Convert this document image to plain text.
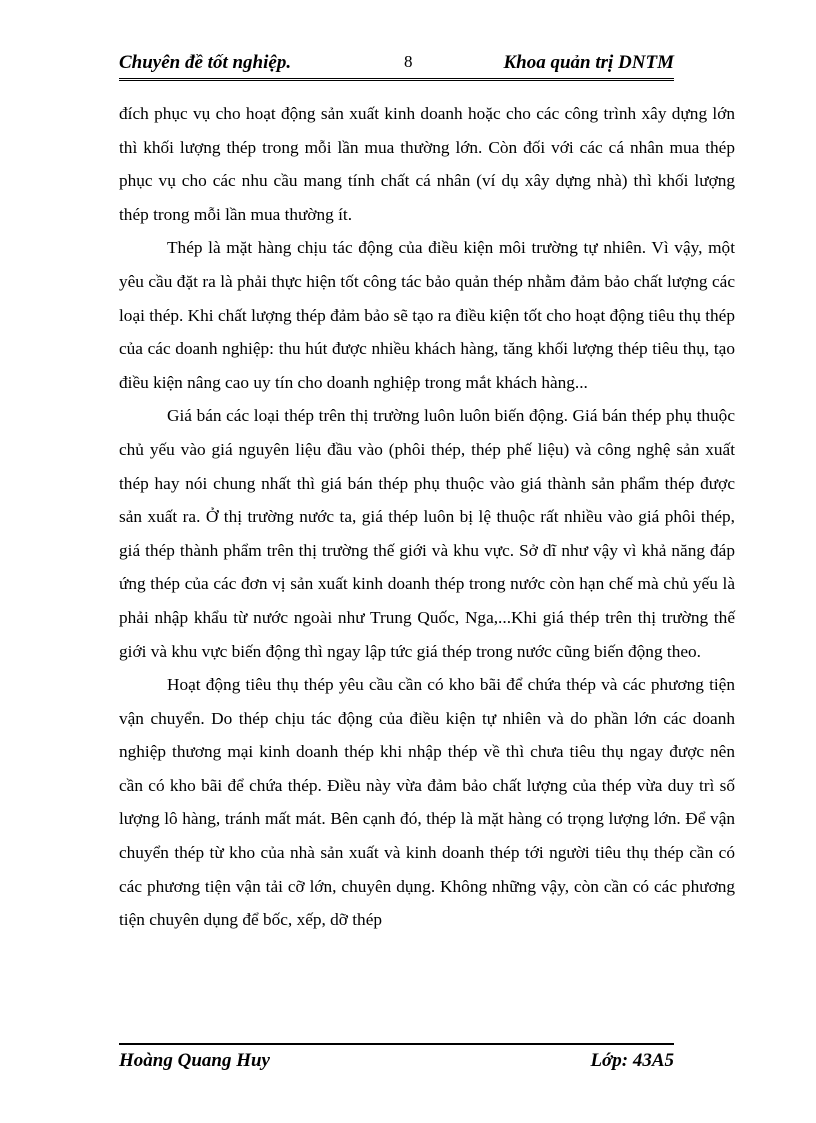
Chuyên đề tốt nghiệp.	8	Khoa quản trị DNTM

đích phục vụ cho hoạt động sản xuất kinh doanh hoặc cho các công trình xây dựng lớn thì khối lượng thép trong mỗi lần mua thường lớn. Còn đối với các cá nhân mua thép phục vụ cho các nhu cầu mang tính chất cá nhân (ví dụ xây dựng nhà) thì khối lượng thép trong mỗi lần mua thường ít.

Thép là mặt hàng chịu tác động của điều kiện môi trường tự nhiên. Vì vậy, một yêu cầu đặt ra là phải thực hiện tốt công tác bảo quản thép nhằm đảm bảo chất lượng các loại thép. Khi chất lượng thép đảm bảo sẽ tạo ra điều kiện tốt cho hoạt động tiêu thụ thép của các doanh nghiệp: thu hút được nhiều khách hàng, tăng khối lượng thép tiêu thụ, tạo điều kiện nâng cao uy tín cho doanh nghiệp trong mắt khách hàng...

Giá bán các loại thép trên thị trường luôn luôn biến động. Giá bán thép phụ thuộc chủ yếu vào giá nguyên liệu đầu vào (phôi thép, thép phế liệu) và công nghệ sản xuất thép hay nói chung nhất thì giá bán thép phụ thuộc vào giá thành sản phẩm thép được sản xuất ra. Ở thị trường nước ta, giá thép luôn bị lệ thuộc rất nhiều vào giá phôi thép, giá thép thành phẩm trên thị trường thế giới và khu vực. Sở dĩ như vậy vì khả năng đáp ứng thép của các đơn vị sản xuất kinh doanh thép trong nước còn hạn chế mà chủ yếu là phải nhập khẩu từ nước ngoài như Trung Quốc, Nga,...Khi giá thép trên thị trường thế giới và khu vực biến động thì ngay lập tức giá thép trong nước cũng biến động theo.

Hoạt động tiêu thụ thép yêu cầu cần có kho bãi để chứa thép và các phương tiện vận chuyển. Do thép chịu tác động của điều kiện tự nhiên và do phần lớn các doanh nghiệp thương mại kinh doanh thép khi nhập thép về thì chưa tiêu thụ ngay được nên cần có kho bãi để chứa thép. Điều này vừa đảm bảo chất lượng của thép vừa duy trì số lượng lô hàng, tránh mất mát. Bên cạnh đó, thép là mặt hàng có trọng lượng lớn. Để vận chuyển thép từ kho của nhà sản xuất và kinh doanh thép tới người tiêu thụ thép cần có các phương tiện vận tải cỡ lớn, chuyên dụng. Không những vậy, còn cần có các phương tiện chuyên dụng để bốc, xếp, dỡ thép

Hoàng Quang Huy	Lớp: 43A5
